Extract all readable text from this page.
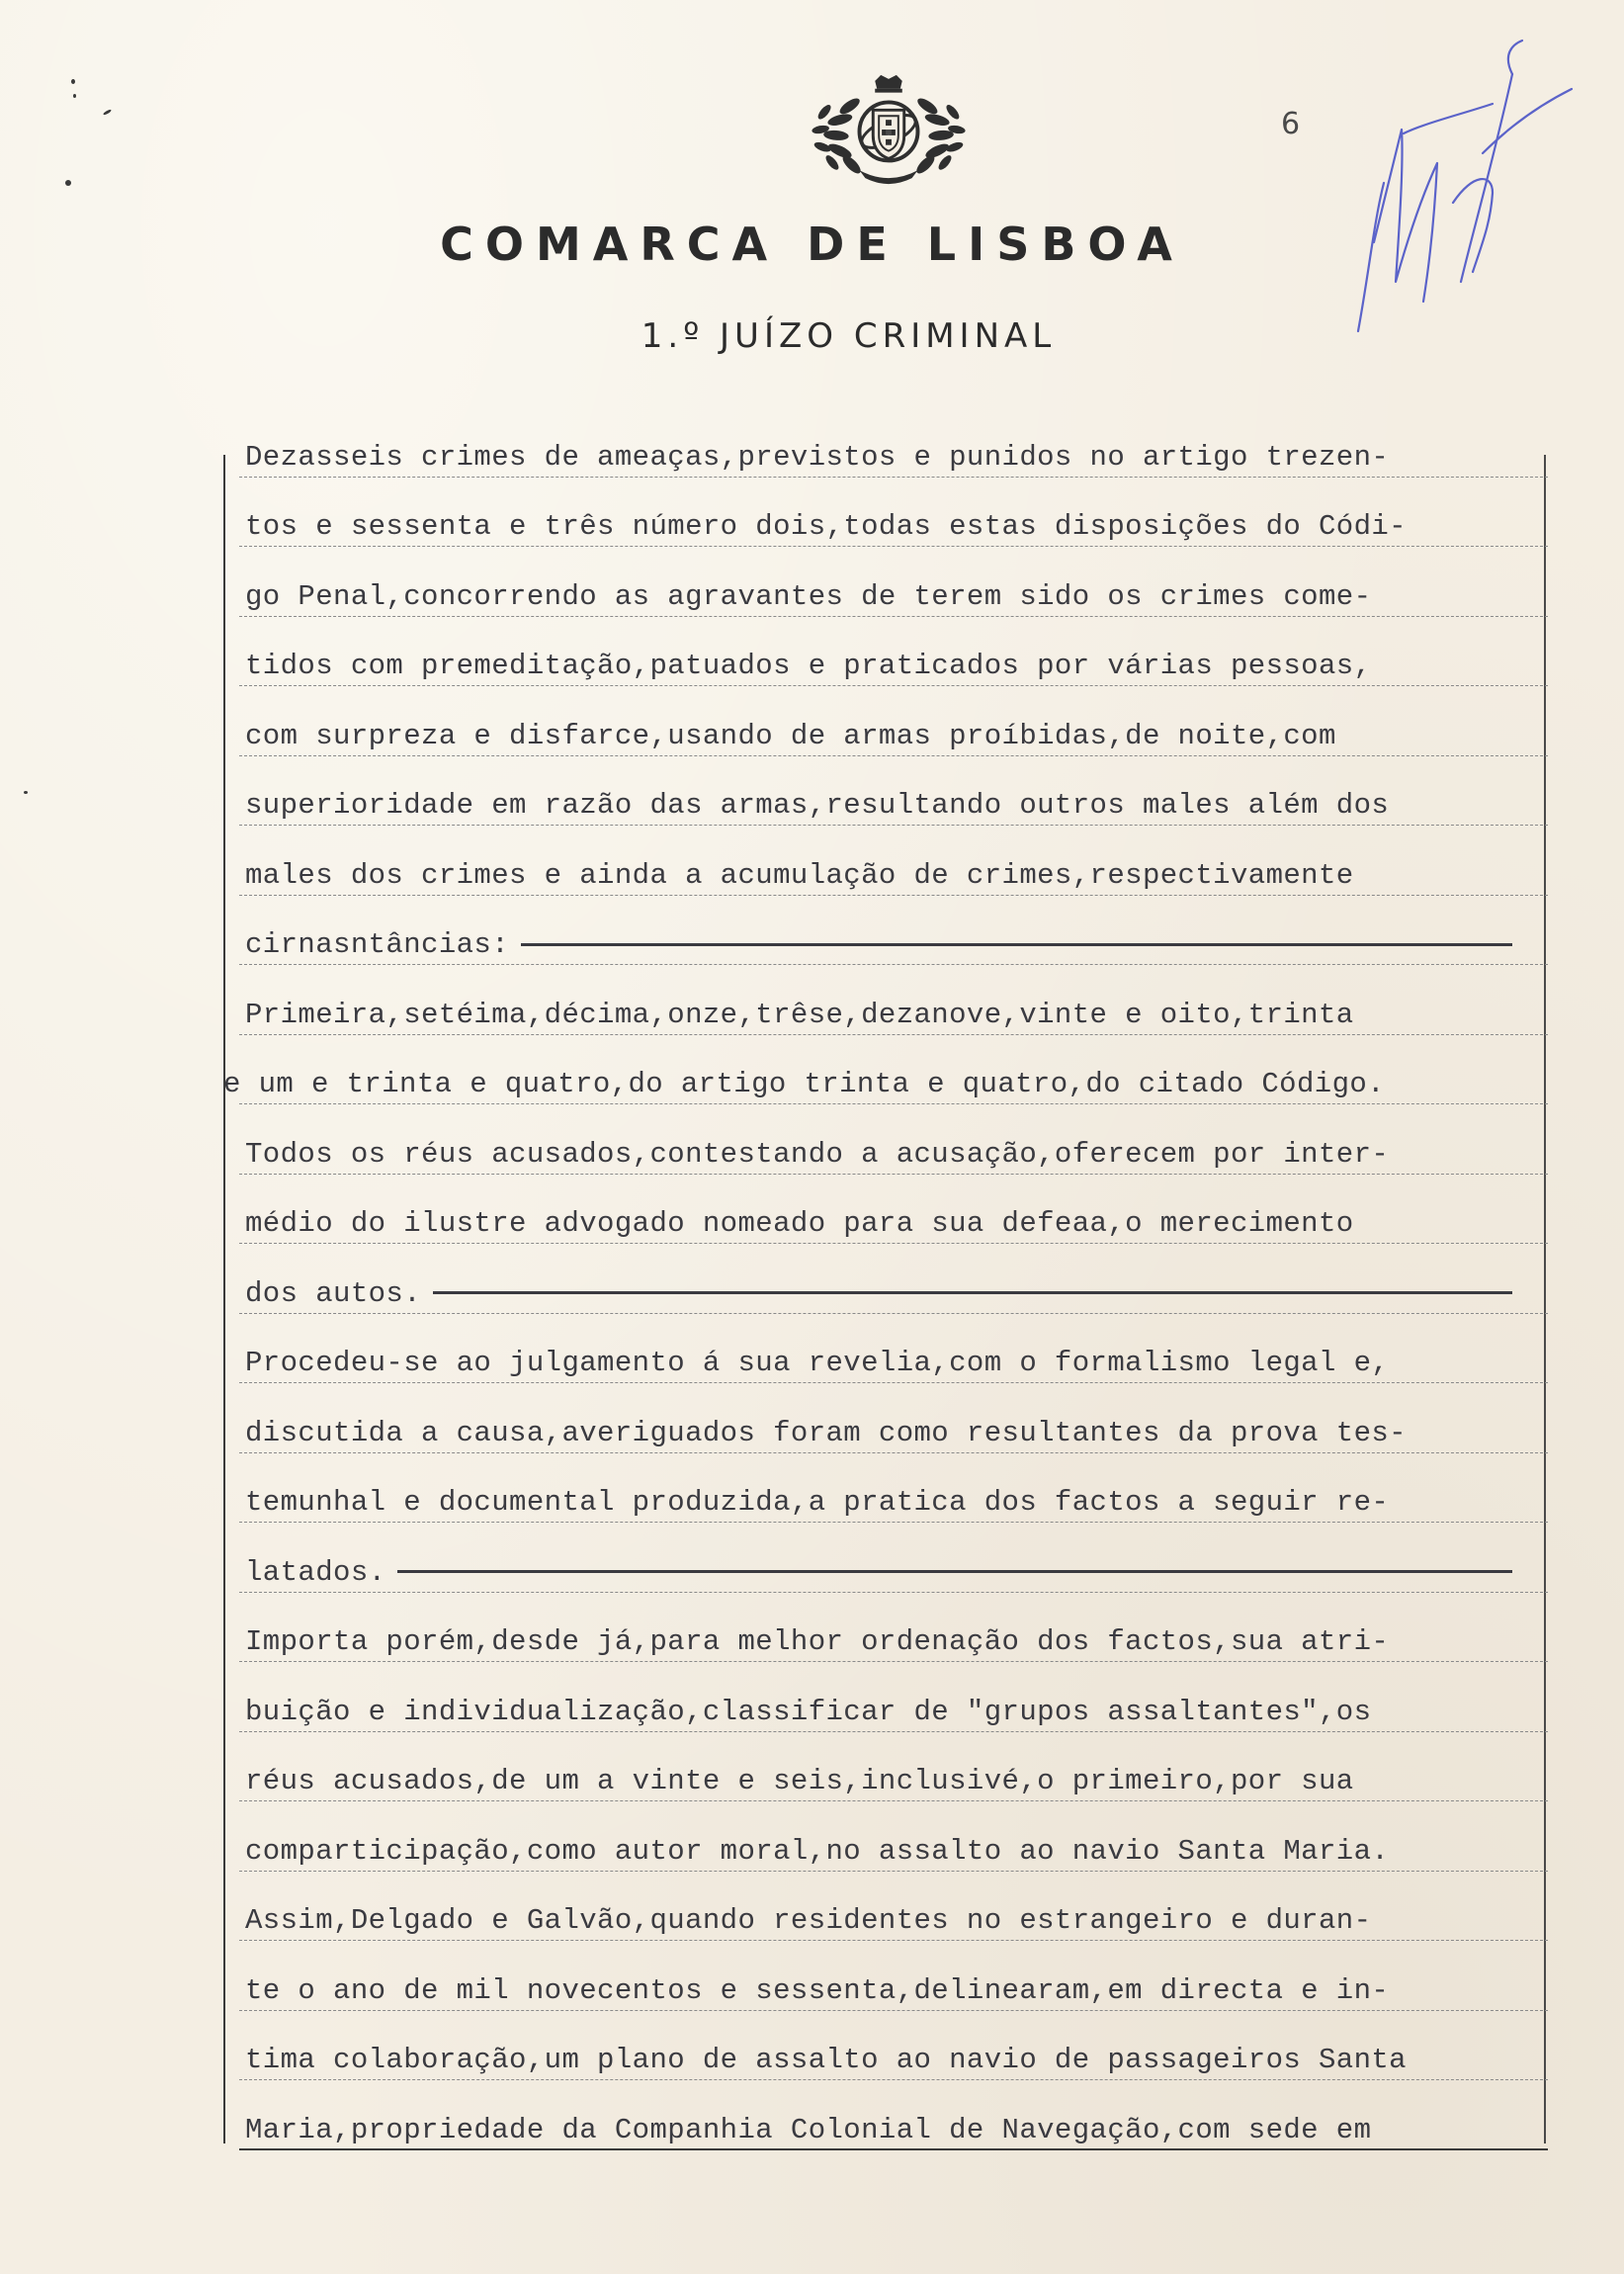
6
COMARCA DE LISBOA
1.º JUÍZO CRIMINAL
Dezasseis crimes de ameaças,previstos e punidos no artigo trezen-
tos e sessenta e três número dois,todas estas disposições do Códi-
go Penal,concorrendo as agravantes de terem sido os crimes come-
tidos com premeditação,patuados e praticados por várias pessoas,
com surpreza e disfarce,usando de armas proíbidas,de noite,com
superioridade em razão das armas,resultando outros males além dos
males dos crimes e ainda a acumulação de crimes,respectivamente
cirnasntâncias:
Primeira,setéima,décima,onze,trêse,dezanove,vinte e oito,trinta
e um e trinta e quatro,do artigo trinta e quatro,do citado Código.
Todos os réus acusados,contestando a acusação,oferecem por inter-
médio do ilustre advogado nomeado para sua defeaa,o merecimento
dos autos.
Procedeu-se ao julgamento á sua revelia,com o formalismo legal e,
discutida a causa,averiguados foram como resultantes da prova tes-
temunhal e documental produzida,a pratica dos factos a seguir re-
latados.
Importa porém,desde já,para melhor ordenação dos factos,sua atri-
buição e individualização,classificar de "grupos assaltantes",os
réus acusados,de um a vinte e seis,inclusivé,o primeiro,por sua
comparticipação,como autor moral,no assalto ao navio Santa Maria.
Assim,Delgado e Galvão,quando residentes no estrangeiro e duran-
te o ano de mil novecentos e sessenta,delinearam,em directa e in-
tima colaboração,um plano de assalto ao navio de passageiros Santa
Maria,propriedade da Companhia Colonial de Navegação,com sede em
